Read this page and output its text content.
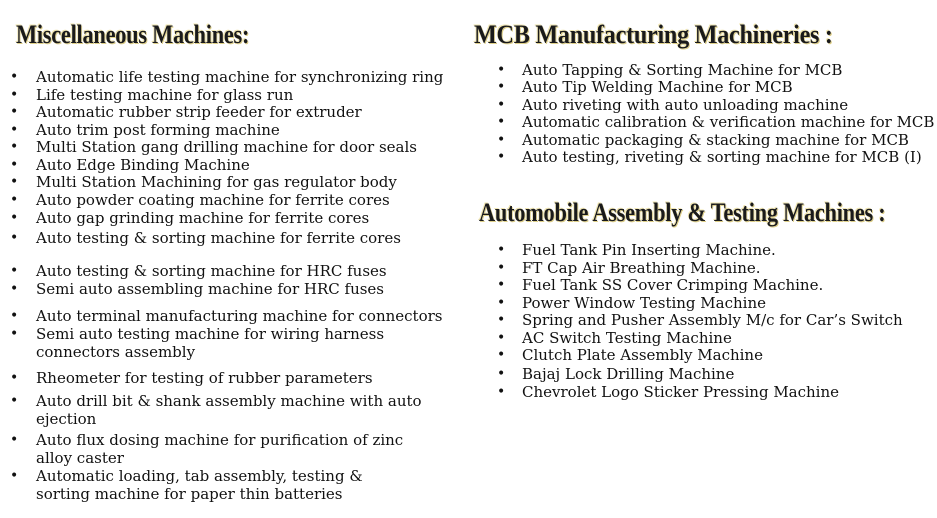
Miscellaneous Machines:	MCB Manufacturing Machineries :
Automobile Assembly & Testing Machines :
• Automatic life testing machine for synchronizing ring
• Life testing machine for glass run
• Automatic rubber strip feeder for extruder
• Auto trim post forming machine
• Multi Station gang drilling machine for door seals
• Auto Edge Binding Machine
• Multi Station Machining for gas regulator body
• Auto powder coating machine for ferrite cores
• Auto gap grinding machine for ferrite cores
• Auto testing & sorting machine for ferrite cores
• Auto testing & sorting machine for HRC fuses
• Semi auto assembling machine for HRC fuses
• Auto terminal manufacturing machine for connectors
• Semi auto testing machine for wiring harness
connectors assembly
• Rheometer for testing of rubber parameters
• Auto drill bit & shank assembly machine with auto
ejection
• Auto flux dosing machine for purification of zinc
alloy caster
• Automatic loading, tab assembly, testing &
sorting machine for paper thin batteries
• Auto Tapping & Sorting Machine for MCB
• Auto Tip Welding Machine for MCB
• Auto riveting with auto unloading machine
• Automatic calibration & verification machine for MCB
• Automatic packaging & stacking machine for MCB
• Auto testing, riveting & sorting machine for MCB (I)
• Fuel Tank Pin Inserting Machine.
• FT Cap Air Breathing Machine.
• Fuel Tank SS Cover Crimping Machine.
• Power Window Testing Machine
• Spring and Pusher Assembly M/c for Car’s Switch
• AC Switch Testing Machine
• Clutch Plate Assembly Machine
• Bajaj Lock Drilling Machine
• Chevrolet Logo Sticker Pressing Machine
